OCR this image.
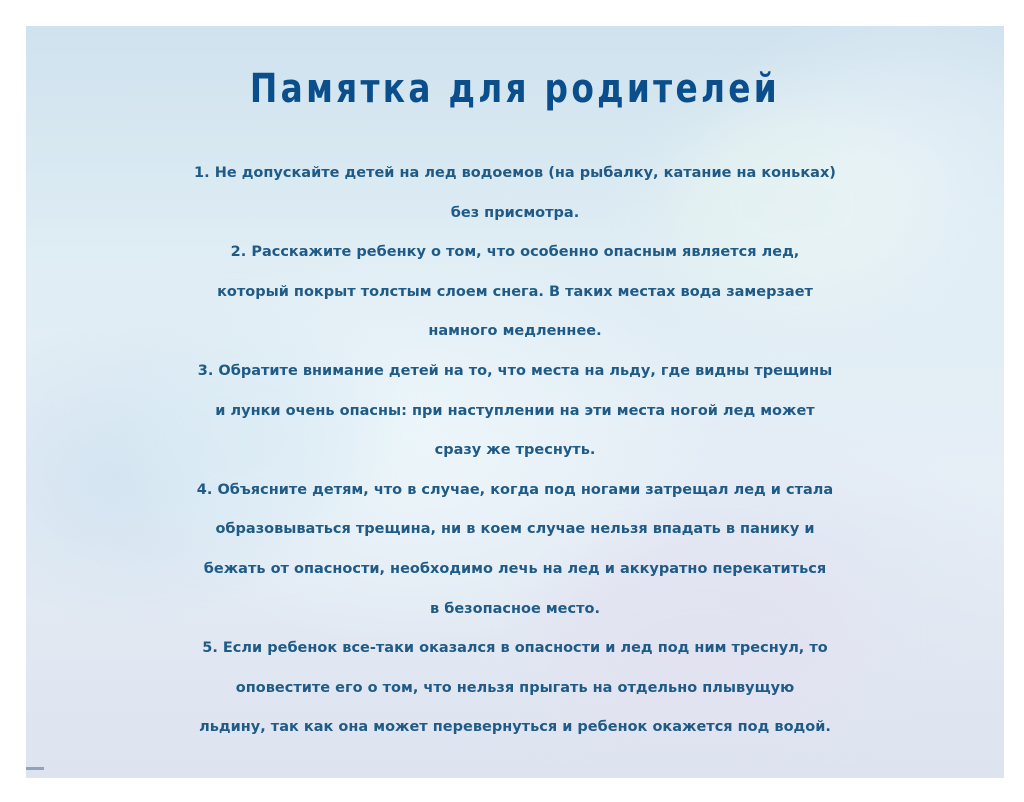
Памятка для родителей
1. Не допускайте детей на лед водоемов (на рыбалку, катание на коньках)
без присмотра.
2. Расскажите ребенку о том, что особенно опасным является лед,
который покрыт толстым слоем снега. В таких местах вода замерзает
намного медленнее.
3. Обратите внимание детей на то, что места на льду, где видны трещины
и лунки очень опасны: при наступлении на эти места ногой лед может
сразу же треснуть.
4. Объясните детям, что в случае, когда под ногами затрещал лед и стала
образовываться трещина, ни в коем случае нельзя впадать в панику и
бежать от опасности, необходимо лечь на лед и аккуратно перекатиться
в безопасное место.
5. Если ребенок все-таки оказался в опасности и лед под ним треснул, то
оповестите его о том, что нельзя прыгать на отдельно плывущую
льдину, так как она может перевернуться и ребенок окажется под водой.
